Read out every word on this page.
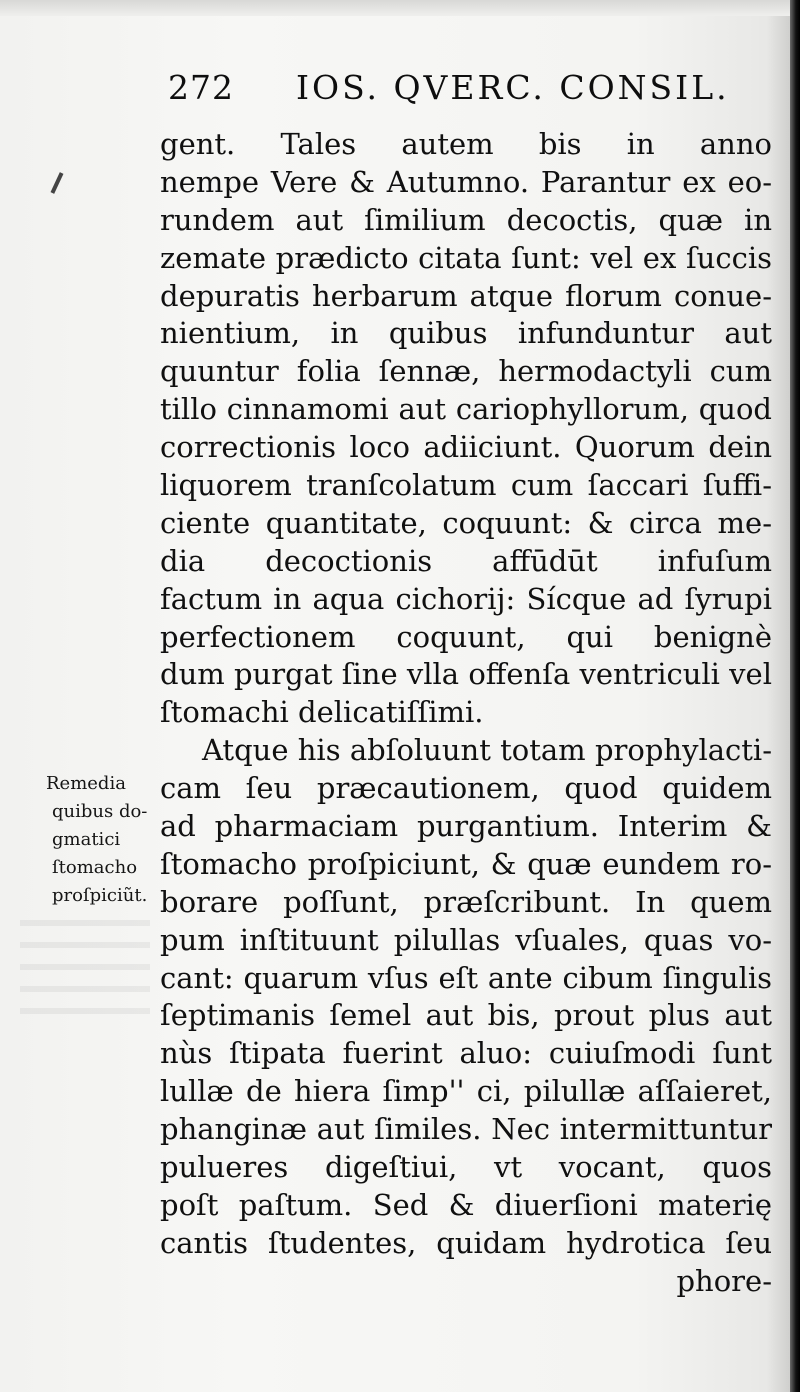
272 IOS. QVERC. CONSIL.
gent. Tales autem bis in anno
nempe Vere & Autumno. Parantur ex eo-
rundem aut ſimilium decoctis, quæ in
zemate prædicto citata ſunt: vel ex ſuccis
depuratis herbarum atque florum conue-
nientium, in quibus infunduntur aut
quuntur folia ſennæ, hermodactyli cum
tillo cinnamomi aut cariophyllorum, quod
correctionis loco adiiciunt. Quorum dein
liquorem tranſcolatum cum ſaccari ſuffi-
ciente quantitate, coquunt: & circa me-
dia decoctionis affūdūt infuſum
factum in aqua cichorij: Sícque ad ſyrupi
perfectionem coquunt, qui benignè
dum purgat ſine vlla offenſa ventriculi vel
ſtomachi delicatiſſimi.
Atque his abſoluunt totam prophylacti-
cam ſeu præcautionem, quod quidem
ad pharmaciam purgantium. Interim &
ſtomacho proſpiciunt, & quæ eundem ro-
borare poſſunt, præſcribunt. In quem
pum inſtituunt pilullas vſuales, quas vo-
cant: quarum vſus eſt ante cibum ſingulis
ſeptimanis ſemel aut bis, prout plus aut
nùs ſtipata fuerint aluo: cuiuſmodi ſunt
lullæ de hiera ſimp'' ci, pilullæ aſſaieret,
phanginæ aut ſimiles. Nec intermittuntur
pulueres digeſtiui, vt vocant, quos
poſt paſtum. Sed & diuerſioni materię
cantis ſtudentes, quidam hydrotica ſeu
phore-
Remedia
quibus do-
gmatici
ſtomacho
proſpiciũt.
